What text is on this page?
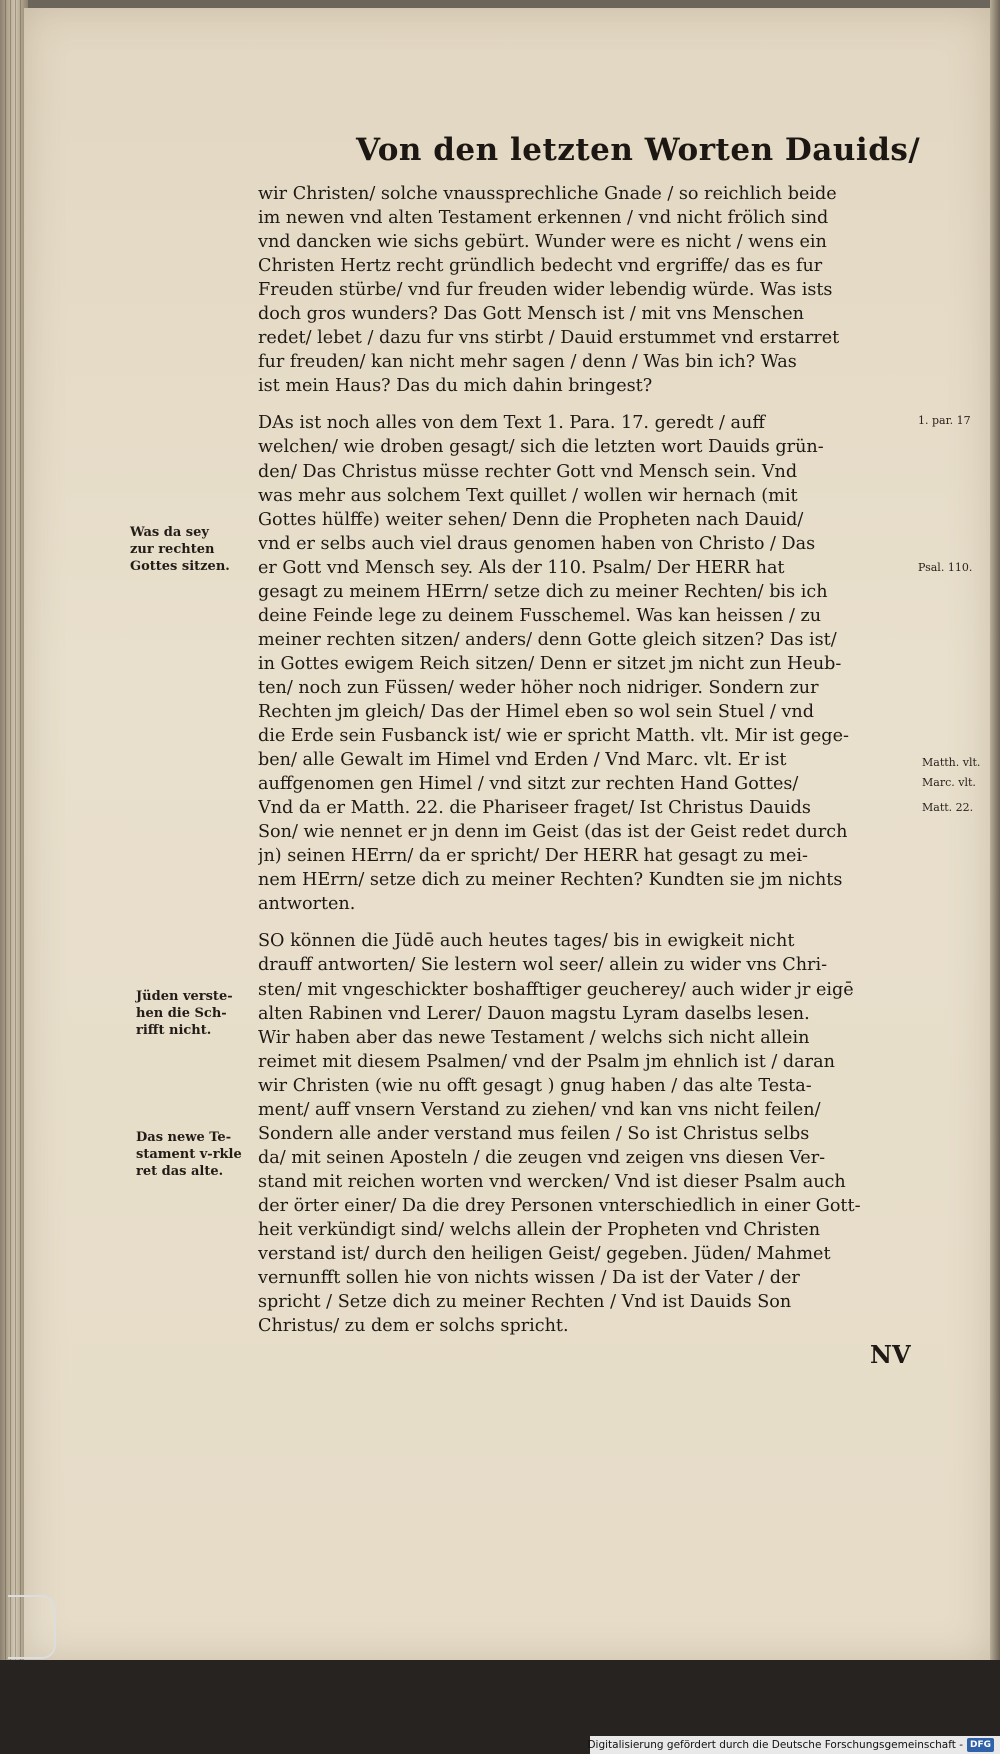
Von den letzten Worten Dauids/
wir Christen/ solche vnaussprechliche Gnade / so reichlich beide
im newen vnd alten Testament erkennen / vnd nicht frölich sind
vnd dancken wie sichs gebürt. Wunder were es nicht / wens ein
Christen Hertz recht gründlich bedecht vnd ergriffe/ das es fur
Freuden stürbe/ vnd fur freuden wider lebendig würde. Was ists
doch gros wunders? Das Gott Mensch ist / mit vns Menschen
redet/ lebet / dazu fur vns stirbt / Dauid erstummet vnd erstarret
fur freuden/ kan nicht mehr sagen / denn / Was bin ich? Was
ist mein Haus? Das du mich dahin bringest?
DAs ist noch alles von dem Text 1. Para. 17. geredt / auff
welchen/ wie droben gesagt/ sich die letzten wort Dauids grün-
den/ Das Christus müsse rechter Gott vnd Mensch sein. Vnd
was mehr aus solchem Text quillet / wollen wir hernach (mit
Gottes hülffe) weiter sehen/ Denn die Propheten nach Dauid/
vnd er selbs auch viel draus genomen haben von Christo / Das
er Gott vnd Mensch sey. Als der 110. Psalm/ Der HERR hat
gesagt zu meinem HErrn/ setze dich zu meiner Rechten/ bis ich
deine Feinde lege zu deinem Fusschemel. Was kan heissen / zu
meiner rechten sitzen/ anders/ denn Gotte gleich sitzen? Das ist/
in Gottes ewigem Reich sitzen/ Denn er sitzet jm nicht zun Heub-
ten/ noch zun Füssen/ weder höher noch nidriger. Sondern zur
Rechten jm gleich/ Das der Himel eben so wol sein Stuel / vnd
die Erde sein Fusbanck ist/ wie er spricht Matth. vlt. Mir ist gege-
ben/ alle Gewalt im Himel vnd Erden / Vnd Marc. vlt. Er ist
auffgenomen gen Himel / vnd sitzt zur rechten Hand Gottes/
Vnd da er Matth. 22. die Phariseer fraget/ Ist Christus Dauids
Son/ wie nennet er jn denn im Geist (das ist der Geist redet durch
jn) seinen HErrn/ da er spricht/ Der HERR hat gesagt zu mei-
nem HErrn/ setze dich zu meiner Rechten? Kundten sie jm nichts
antworten.
SO können die Jüdē auch heutes tages/ bis in ewigkeit nicht
drauff antworten/ Sie lestern wol seer/ allein zu wider vns Chri-
sten/ mit vngeschickter boshafftiger geucherey/ auch wider jr eigē
alten Rabinen vnd Lerer/ Dauon magstu Lyram daselbs lesen.
Wir haben aber das newe Testament / welchs sich nicht allein
reimet mit diesem Psalmen/ vnd der Psalm jm ehnlich ist / daran
wir Christen (wie nu offt gesagt ) gnug haben / das alte Testa-
ment/ auff vnsern Verstand zu ziehen/ vnd kan vns nicht feilen/
Sondern alle ander verstand mus feilen / So ist Christus selbs
da/ mit seinen Aposteln / die zeugen vnd zeigen vns diesen Ver-
stand mit reichen worten vnd wercken/ Vnd ist dieser Psalm auch
der örter einer/ Da die drey Personen vnterschiedlich in einer Gott-
heit verkündigt sind/ welchs allein der Propheten vnd Christen
verstand ist/ durch den heiligen Geist/ gegeben. Jüden/ Mahmet
vernunfft sollen hie von nichts wissen / Da ist der Vater / der
spricht / Setze dich zu meiner Rechten / Vnd ist Dauids Son
Christus/ zu dem er solchs spricht.
Was da sey
zur rechten
Gottes sitzen.
Jüden verste-
hen die Sch-
rifft nicht.
Das newe Te-
stament v-rkle
ret das alte.
1. par. 17
Psal. 110.
Matth. vlt.
Marc. vlt.
Matt. 22.
NV
Digitalisierung gefördert durch die Deutsche Forschungsgemeinschaft - DFG
